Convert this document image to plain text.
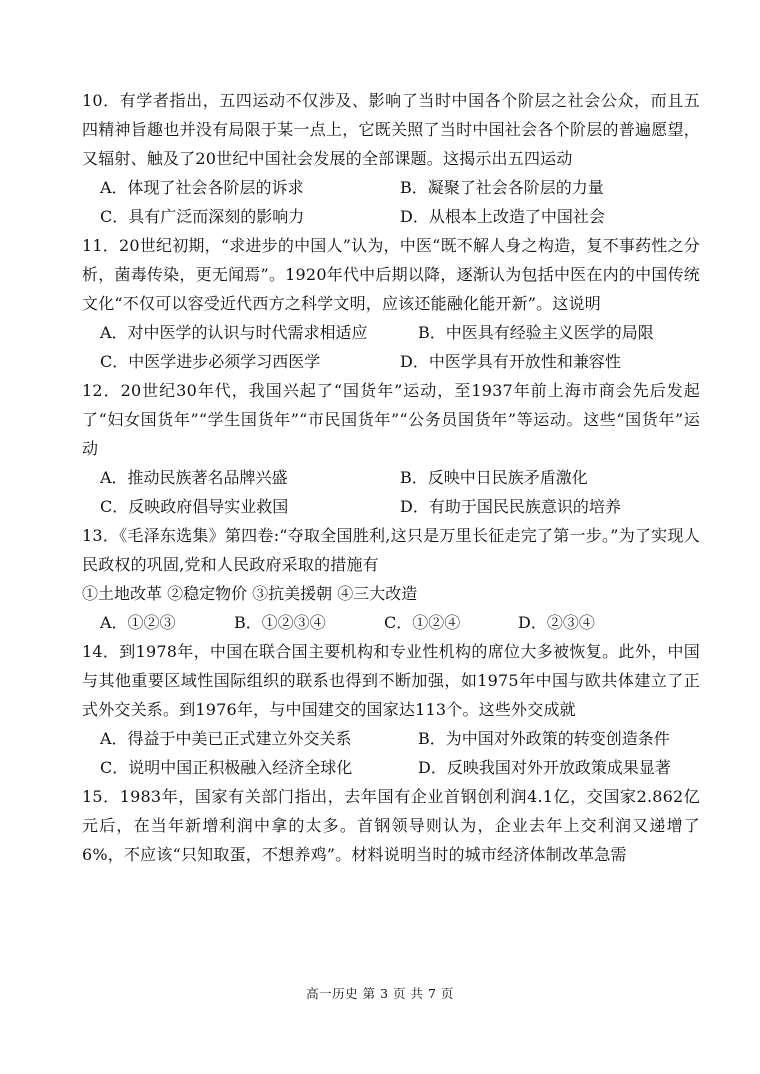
10．有学者指出，五四运动不仅涉及、影响了当时中国各个阶层之社会公众，而且五四精神旨趣也并没有局限于某一点上，它既关照了当时中国社会各个阶层的普遍愿望，又辐射、触及了20世纪中国社会发展的全部课题。这揭示出五四运动

A．体现了社会各阶层的诉求	B．凝聚了社会各阶层的力量
C．具有广泛而深刻的影响力	D．从根本上改造了中国社会

11．20世纪初期，“求进步的中国人”认为，中医“既不解人身之构造，复不事药性之分析，菌毒传染，更无闻焉”。1920年代中后期以降，逐渐认为包括中医在内的中国传统文化“不仅可以容受近代西方之科学文明，应该还能融化能开新”。这说明

A．对中医学的认识与时代需求相适应	B．中医具有经验主义医学的局限
C．中医学进步必须学习西医学	D．中医学具有开放性和兼容性

12．20世纪30年代，我国兴起了“国货年”运动，至1937年前上海市商会先后发起了“妇女国货年”“学生国货年”“市民国货年”“公务员国货年”等运动。这些“国货年”运动

A．推动民族著名品牌兴盛	B．反映中日民族矛盾激化
C．反映政府倡导实业救国	D．有助于国民民族意识的培养

13．《毛泽东选集》第四卷:“夺取全国胜利,这只是万里长征走完了第一步。”为了实现人民政权的巩固,党和人民政府采取的措施有

①土地改革 ②稳定物价 ③抗美援朝 ④三大改造

A．①②③	B．①②③④	C．①②④	D．②③④

14．到1978年，中国在联合国主要机构和专业性机构的席位大多被恢复。此外，中国与其他重要区域性国际组织的联系也得到不断加强，如1975年中国与欧共体建立了正式外交关系。到1976年，与中国建交的国家达113个。这些外交成就

A．得益于中美已正式建立外交关系	B．为中国对外政策的转变创造条件
C．说明中国正积极融入经济全球化	D．反映我国对外开放政策成果显著

15．1983年，国家有关部门指出，去年国有企业首钢创利润4.1亿，交国家2.862亿元后，在当年新增利润中拿的太多。首钢领导则认为，企业去年上交利润又递增了6%，不应该“只知取蛋，不想养鸡”。材料说明当时的城市经济体制改革急需

高一历史 第 3 页 共 7 页
